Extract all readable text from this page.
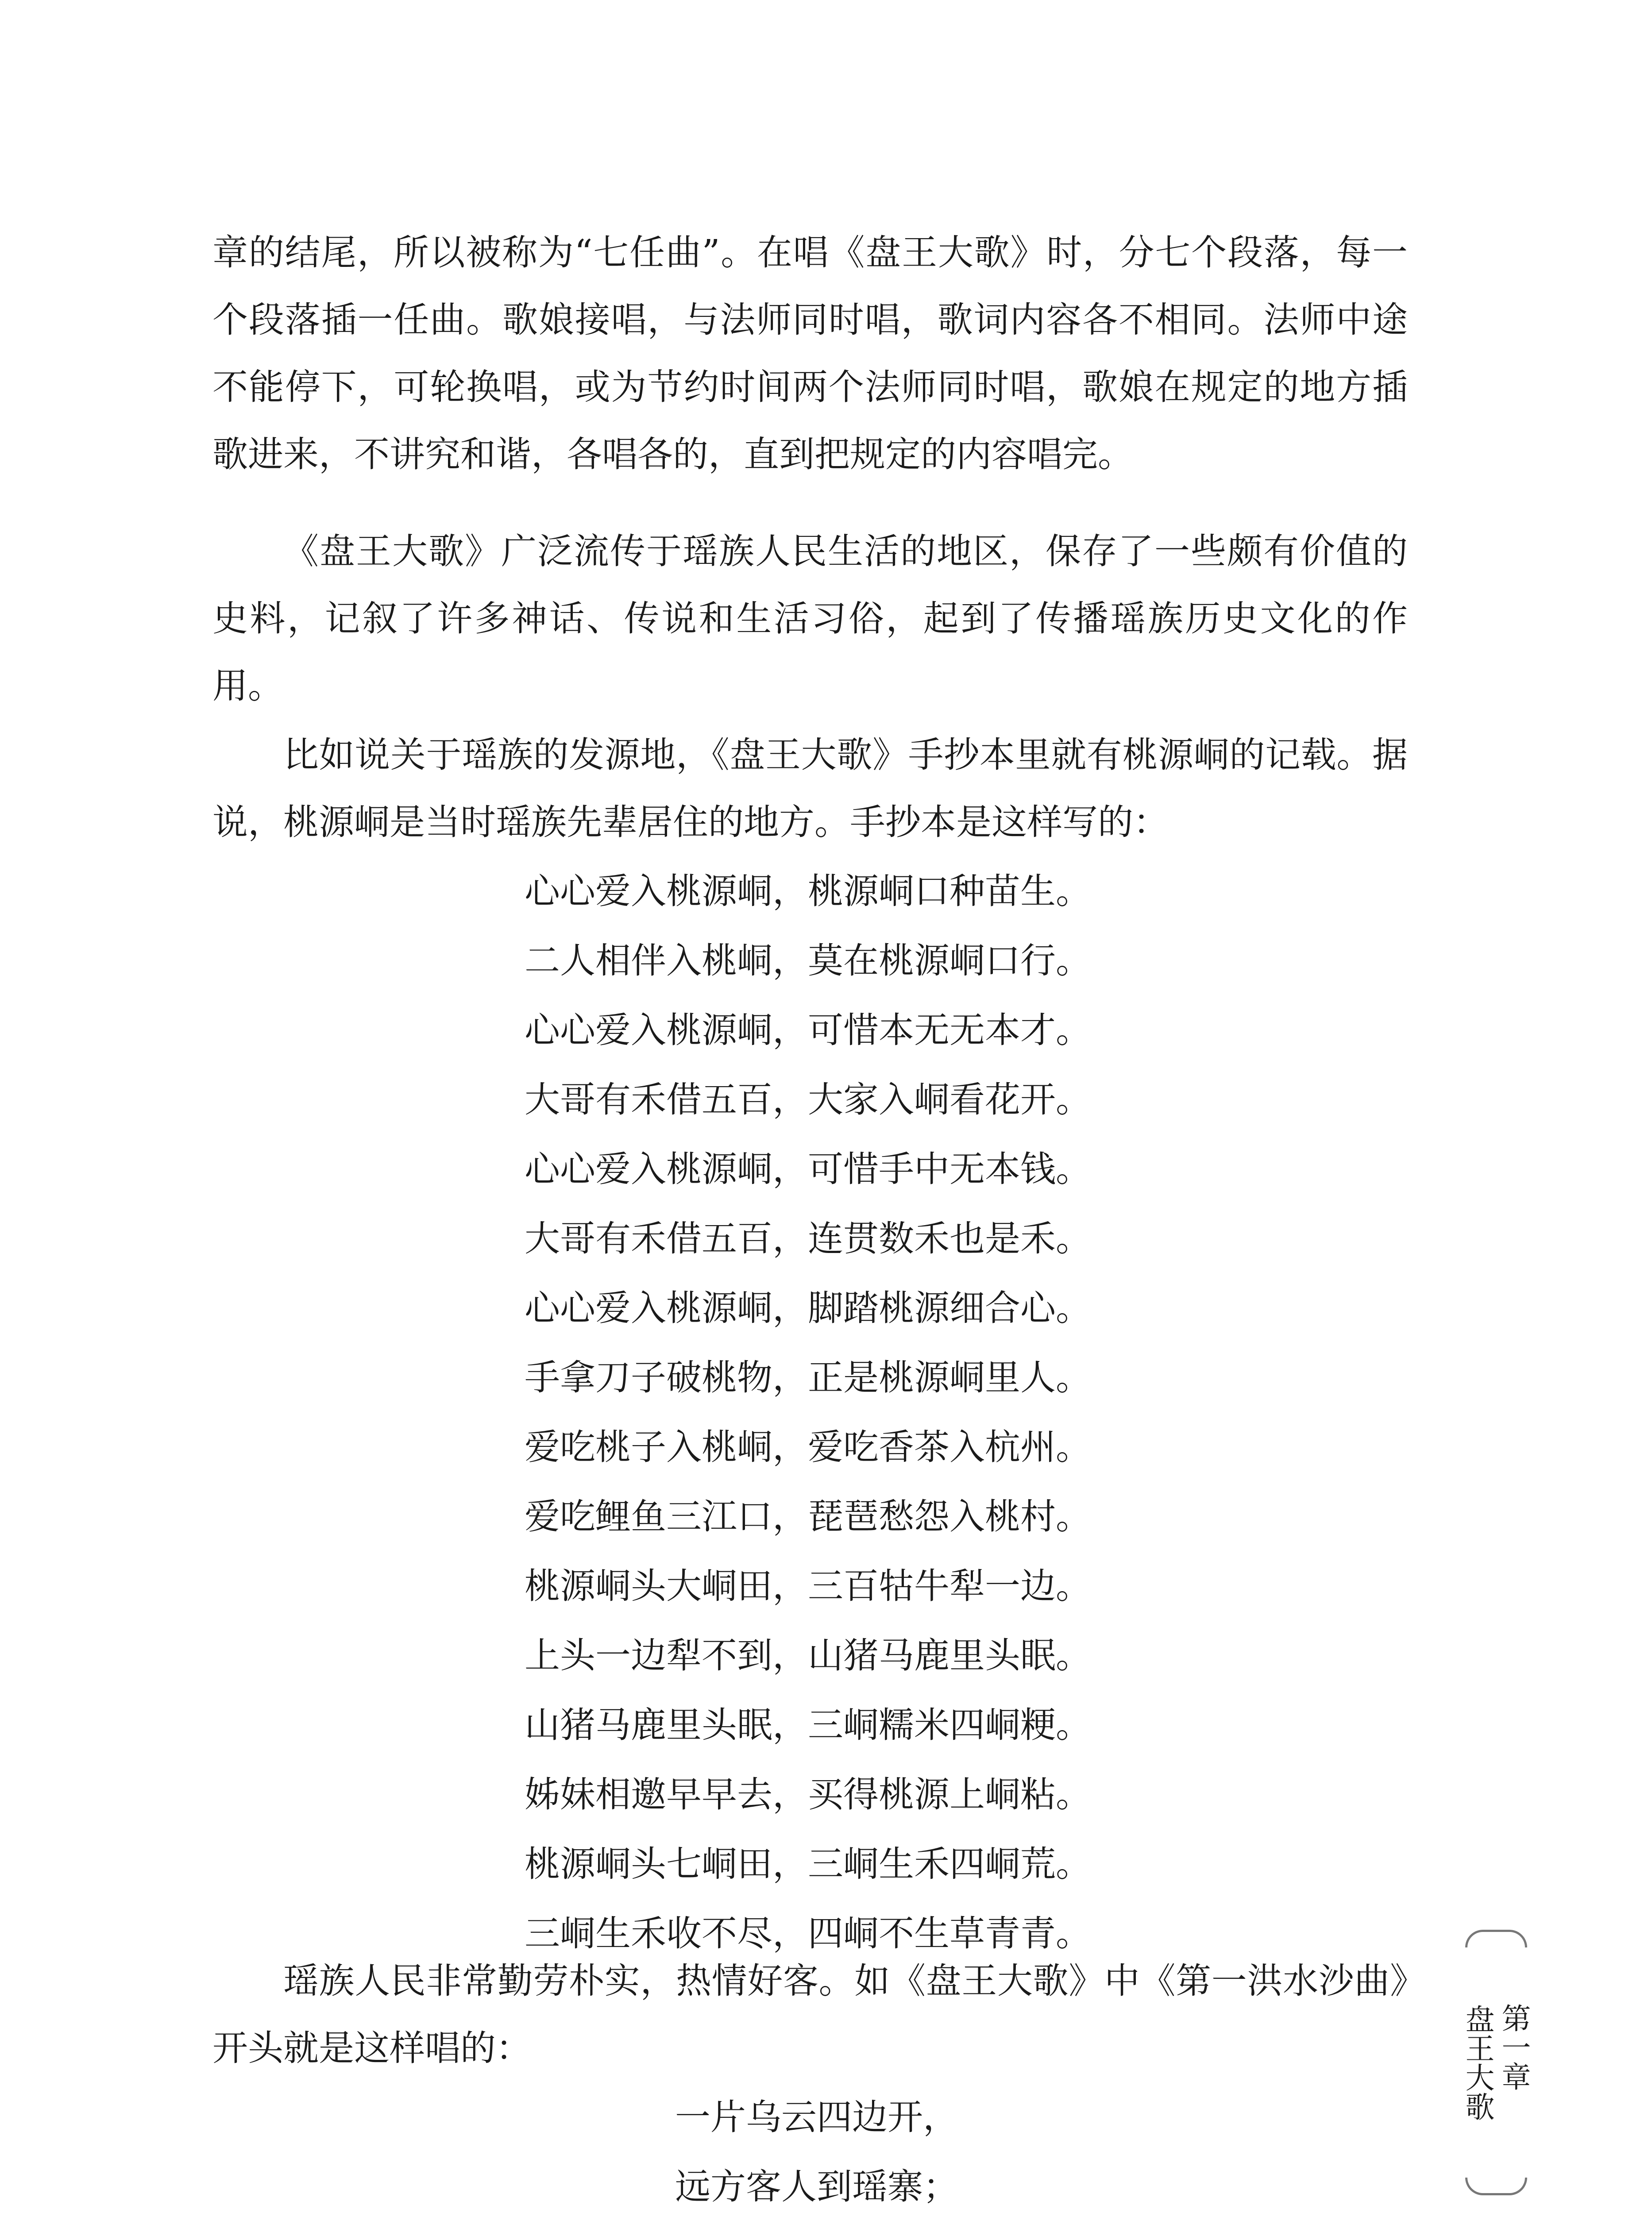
章的结尾，所以被称为“七任曲”。在唱《盘王大歌》时，分七个段落，每一个段落插一任曲。歌娘接唱，与法师同时唱，歌词内容各不相同。法师中途不能停下，可轮换唱，或为节约时间两个法师同时唱，歌娘在规定的地方插歌进来，不讲究和谐，各唱各的，直到把规定的内容唱完。

《盘王大歌》广泛流传于瑶族人民生活的地区，保存了一些颇有价值的史料，记叙了许多神话、传说和生活习俗，起到了传播瑶族历史文化的作用。

比如说关于瑶族的发源地，《盘王大歌》手抄本里就有桃源峒的记载。据说，桃源峒是当时瑶族先辈居住的地方。手抄本是这样写的：

心心爱入桃源峒，桃源峒口种苗生。
二人相伴入桃峒，莫在桃源峒口行。
心心爱入桃源峒，可惜本无无本才。
大哥有禾借五百，大家入峒看花开。
心心爱入桃源峒，可惜手中无本钱。
大哥有禾借五百，连贯数禾也是禾。
心心爱入桃源峒，脚踏桃源细合心。
手拿刀子破桃物，正是桃源峒里人。
爱吃桃子入桃峒，爱吃香茶入杭州。
爱吃鲤鱼三江口，琵琶愁怨入桃村。
桃源峒头大峒田，三百牯牛犁一边。
上头一边犁不到，山猪马鹿里头眠。
山猪马鹿里头眠，三峒糯米四峒粳。
姊妹相邀早早去，买得桃源上峒粘。
桃源峒头七峒田，三峒生禾四峒荒。
三峒生禾收不尽，四峒不生草青青。

瑶族人民非常勤劳朴实，热情好客。如《盘王大歌》中《第一洪水沙曲》开头就是这样唱的：

一片乌云四边开，
远方客人到瑶寨；
第一章盘王大歌
